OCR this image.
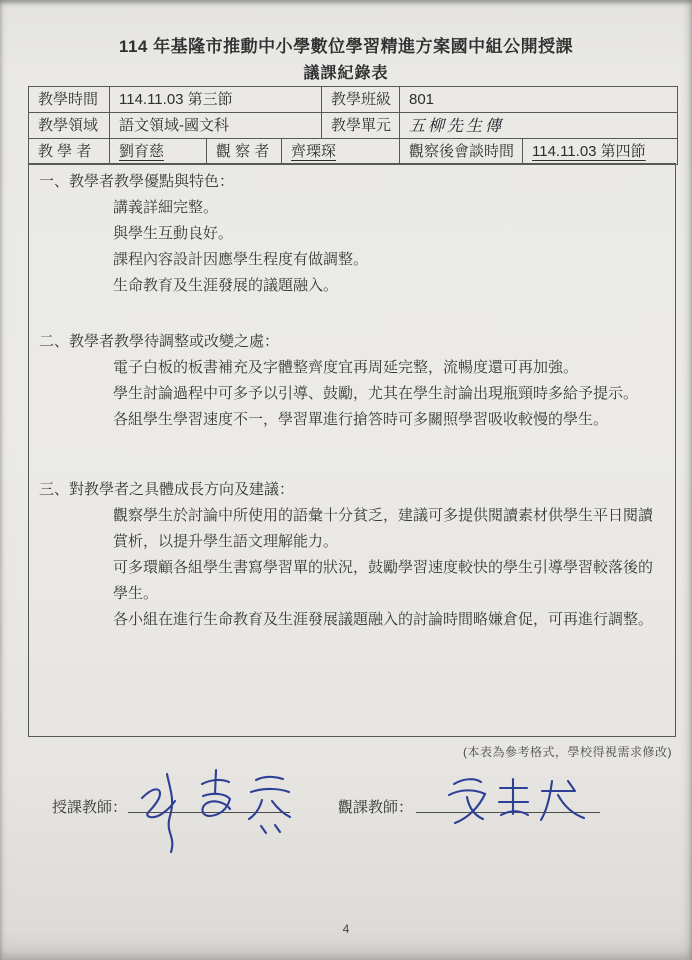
114 年基隆市推動中小學數位學習精進方案國中組公開授課
議課紀錄表
教學時間	114.11.03 第三節	教學班級	801
教學領域	語文領域-國文科	教學單元	五柳先生傳
教 學 者	劉育慈	觀 察 者	齊瑮琛	觀察後會談時間	114.11.03 第四節
一、教學者教學優點與特色：

講義詳細完整。

與學生互動良好。

課程內容設計因應學生程度有做調整。

生命教育及生涯發展的議題融入。

二、教學者教學待調整或改變之處：

電子白板的板書補充及字體整齊度宜再周延完整，流暢度還可再加強。

學生討論過程中可多予以引導、鼓勵，尤其在學生討論出現瓶頸時多給予提示。

各組學生學習速度不一，學習單進行搶答時可多關照學習吸收較慢的學生。

三、對教學者之具體成長方向及建議：

觀察學生於討論中所使用的語彙十分貧乏，建議可多提供閱讀素材供學生平日閱讀賞析，以提升學生語文理解能力。

可多環顧各組學生書寫學習單的狀況，鼓勵學習速度較快的學生引導學習較落後的學生。

各小組在進行生命教育及生涯發展議題融入的討論時間略嫌倉促，可再進行調整。

(本表為參考格式，學校得視需求修改)
授課教師：	觀課教師：
4
